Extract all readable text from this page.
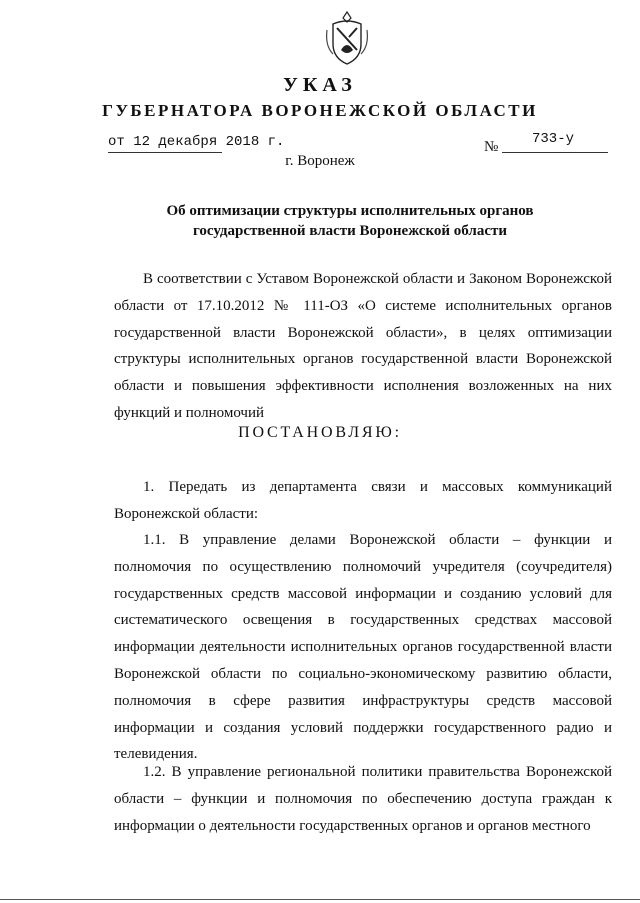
УКАЗ
ГУБЕРНАТОРА ВОРОНЕЖСКОЙ ОБЛАСТИ
от 12 декабря 2018 г.	№ 733-у
г. Воронеж
Об оптимизации структуры исполнительных органов государственной власти Воронежской области

В соответствии с Уставом Воронежской области и Законом Воронежской области от 17.10.2012 № 111-ОЗ «О системе исполнительных органов государственной власти Воронежской области», в целях оптимизации структуры исполнительных органов государственной власти Воронежской области и повышения эффективности исполнения возложенных на них функций и полномочий

ПОСТАНОВЛЯЮ:

1. Передать из департамента связи и массовых коммуникаций Воронежской области:

1.1. В управление делами Воронежской области – функции и полномочия по осуществлению полномочий учредителя (соучредителя) государственных средств массовой информации и созданию условий для систематического освещения в государственных средствах массовой информации деятельности исполнительных органов государственной власти Воронежской области по социально-экономическому развитию области, полномочия в сфере развития инфраструктуры средств массовой информации и создания условий поддержки государственного радио и телевидения.

1.2. В управление региональной политики правительства Воронежской области – функции и полномочия по обеспечению доступа граждан к информации о деятельности государственных органов и органов местного
